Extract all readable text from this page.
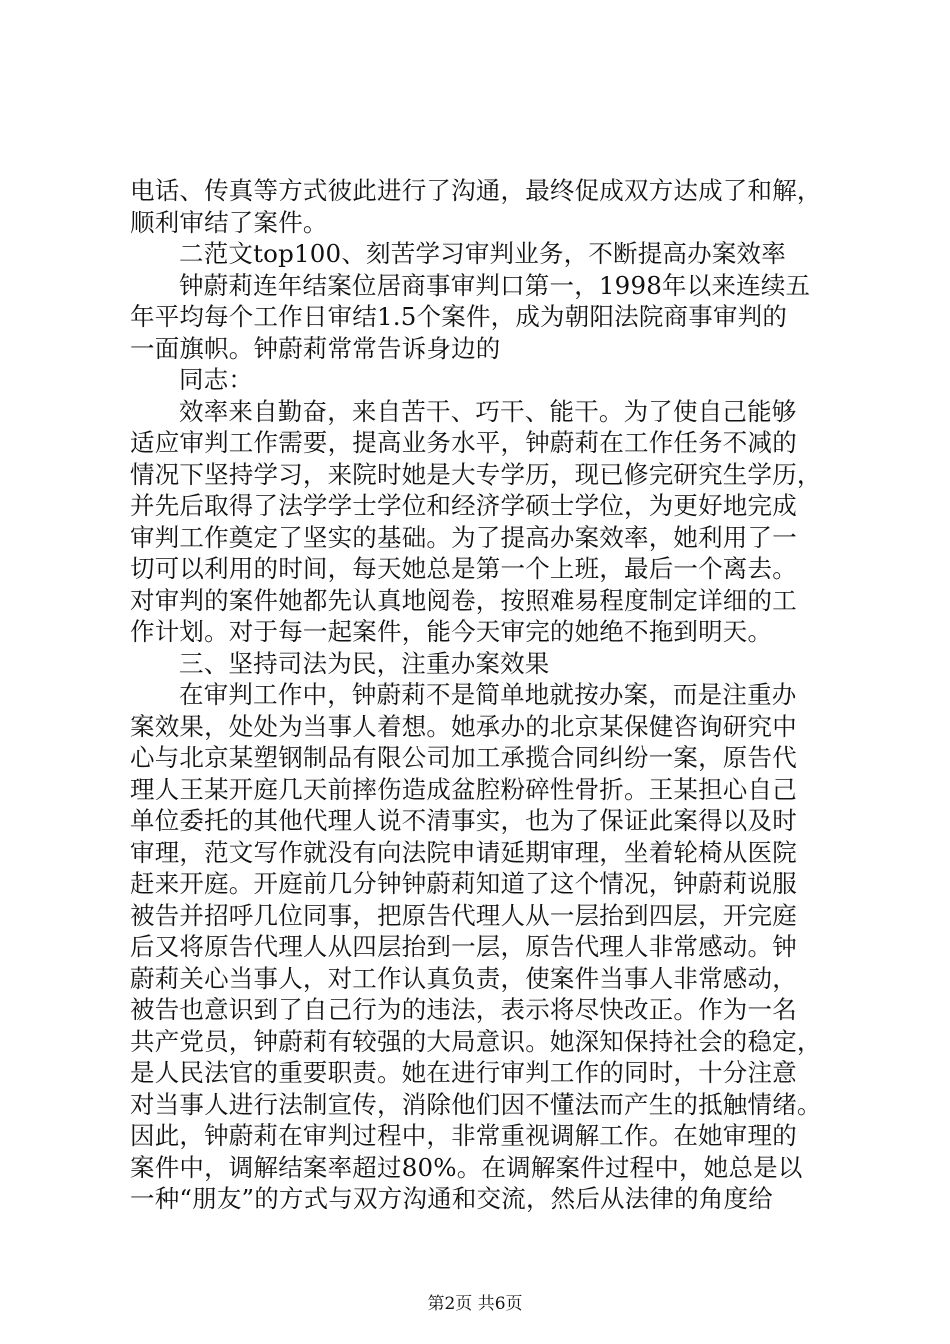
电话、传真等方式彼此进行了沟通，最终促成双方达成了和解，
顺利审结了案件。
二范文top100、刻苦学习审判业务，不断提高办案效率
钟蔚莉连年结案位居商事审判口第一，1998年以来连续五
年平均每个工作日审结1.5个案件，成为朝阳法院商事审判的
一面旗帜。钟蔚莉常常告诉身边的
同志：
效率来自勤奋，来自苦干、巧干、能干。为了使自己能够
适应审判工作需要，提高业务水平，钟蔚莉在工作任务不减的
情况下坚持学习，来院时她是大专学历，现已修完研究生学历，
并先后取得了法学学士学位和经济学硕士学位，为更好地完成
审判工作奠定了坚实的基础。为了提高办案效率，她利用了一
切可以利用的时间，每天她总是第一个上班，最后一个离去。
对审判的案件她都先认真地阅卷，按照难易程度制定详细的工
作计划。对于每一起案件，能今天审完的她绝不拖到明天。
三、坚持司法为民，注重办案效果
在审判工作中，钟蔚莉不是简单地就按办案，而是注重办
案效果，处处为当事人着想。她承办的北京某保健咨询研究中
心与北京某塑钢制品有限公司加工承揽合同纠纷一案，原告代
理人王某开庭几天前摔伤造成盆腔粉碎性骨折。王某担心自己
单位委托的其他代理人说不清事实，也为了保证此案得以及时
审理，范文写作就没有向法院申请延期审理，坐着轮椅从医院
赶来开庭。开庭前几分钟钟蔚莉知道了这个情况，钟蔚莉说服
被告并招呼几位同事，把原告代理人从一层抬到四层，开完庭
后又将原告代理人从四层抬到一层，原告代理人非常感动。钟
蔚莉关心当事人，对工作认真负责，使案件当事人非常感动，
被告也意识到了自己行为的违法，表示将尽快改正。作为一名
共产党员，钟蔚莉有较强的大局意识。她深知保持社会的稳定，
是人民法官的重要职责。她在进行审判工作的同时，十分注意
对当事人进行法制宣传，消除他们因不懂法而产生的抵触情绪。
因此，钟蔚莉在审判过程中，非常重视调解工作。在她审理的
案件中，调解结案率超过80%。在调解案件过程中，她总是以
一种“朋友”的方式与双方沟通和交流，然后从法律的角度给
第2页 共6页
